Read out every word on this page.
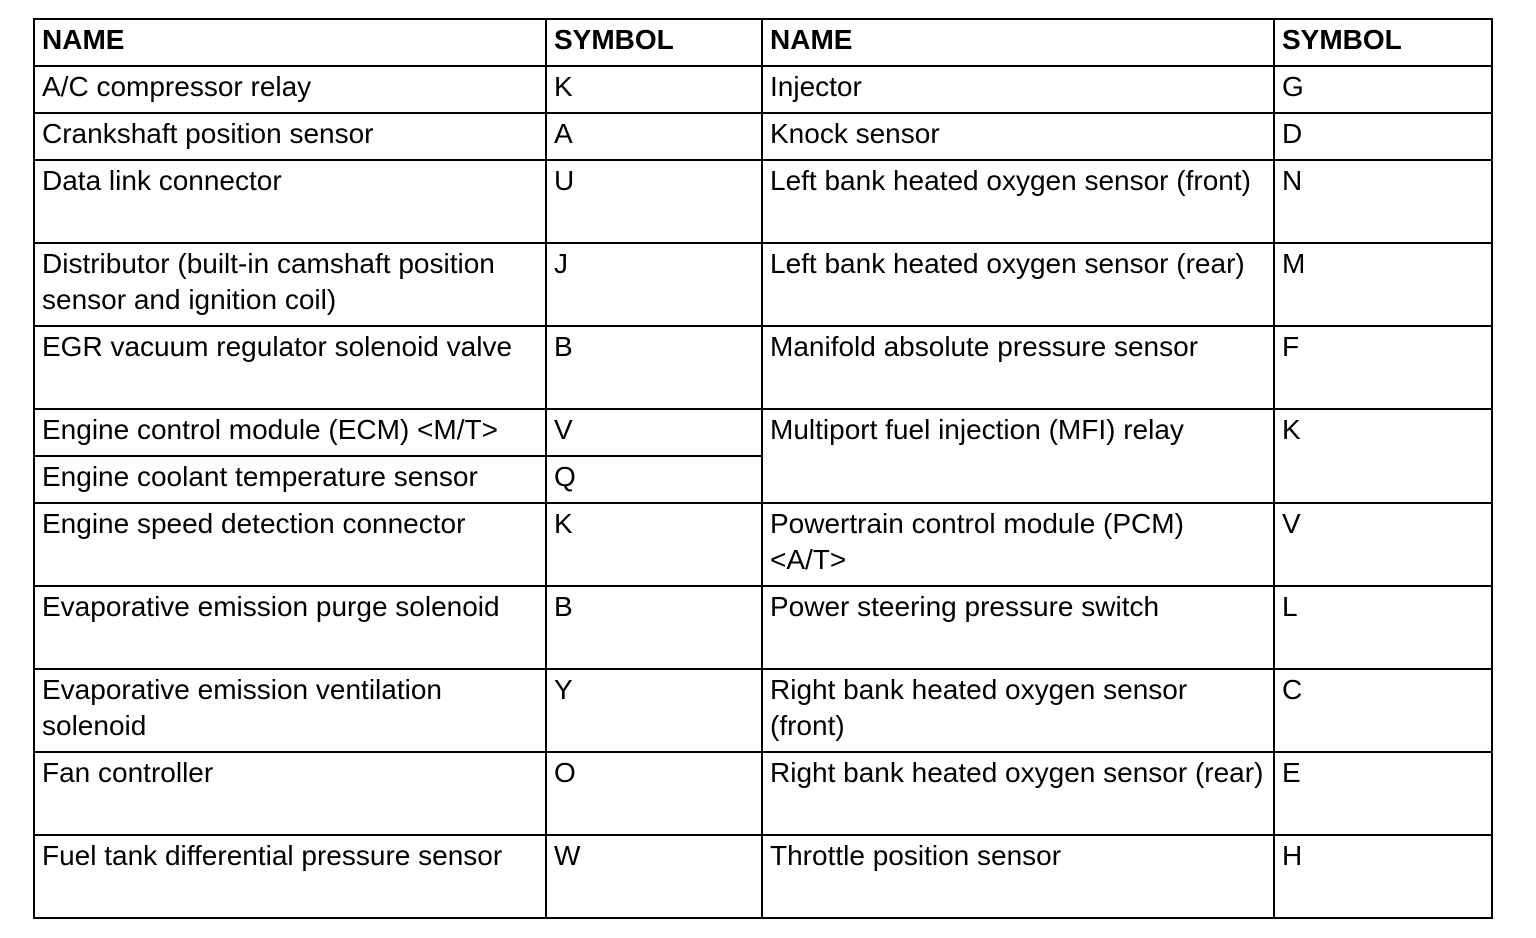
NAME	SYMBOL	NAME	SYMBOL
A/C compressor relay	K	Injector	G
Crankshaft position sensor	A	Knock sensor	D
Data link connector	U	Left bank heated oxygen sensor (front)	N
Distributor (built-in camshaft position sensor and ignition coil)	J	Left bank heated oxygen sensor (rear)	M
EGR vacuum regulator solenoid valve	B	Manifold absolute pressure sensor	F
Engine control module (ECM) <M/T>	V	Multiport fuel injection (MFI) relay	K
Engine coolant temperature sensor	Q		
Engine speed detection connector	K	Powertrain control module (PCM) <A/T>	V
Evaporative emission purge solenoid	B	Power steering pressure switch	L
Evaporative emission ventilation solenoid	Y	Right bank heated oxygen sensor (front)	C
Fan controller	O	Right bank heated oxygen sensor (rear)	E
Fuel tank differential pressure sensor	W	Throttle position sensor	H
